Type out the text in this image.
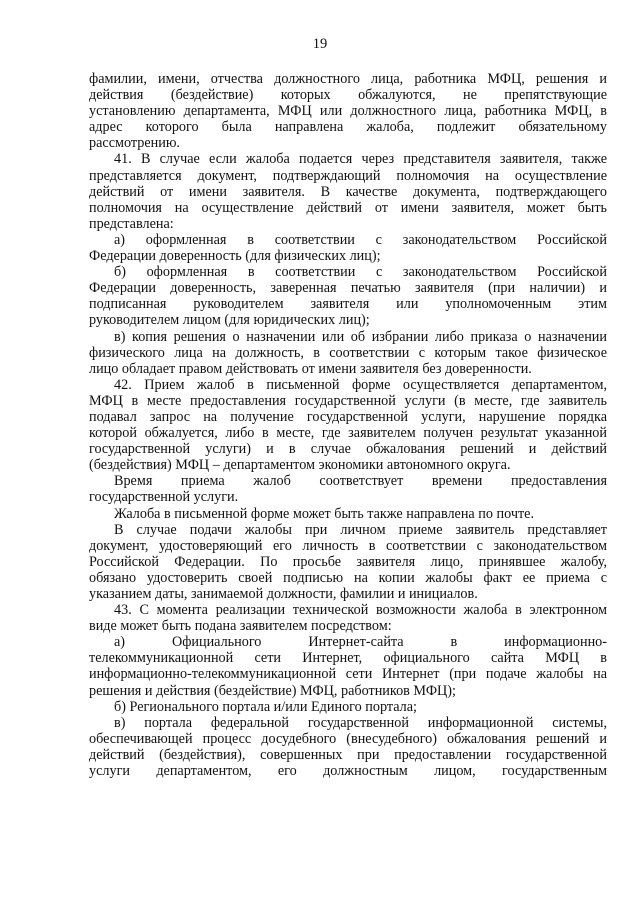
19
фамилии, имени, отчества должностного лица, работника МФЦ, решения и
действия (бездействие) которых обжалуются, не препятствующие
установлению департамента, МФЦ или должностного лица, работника МФЦ, в
адрес которого была направлена жалоба, подлежит обязательному
рассмотрению.
41. В случае если жалоба подается через представителя заявителя, также
представляется документ, подтверждающий полномочия на осуществление
действий от имени заявителя. В качестве документа, подтверждающего
полномочия на осуществление действий от имени заявителя, может быть
представлена:
а) оформленная в соответствии с законодательством Российской
Федерации доверенность (для физических лиц);
б) оформленная в соответствии с законодательством Российской
Федерации доверенность, заверенная печатью заявителя (при наличии) и
подписанная руководителем заявителя или уполномоченным этим
руководителем лицом (для юридических лиц);
в) копия решения о назначении или об избрании либо приказа о назначении
физического лица на должность, в соответствии с которым такое физическое
лицо обладает правом действовать от имени заявителя без доверенности.
42. Прием жалоб в письменной форме осуществляется департаментом,
МФЦ в месте предоставления государственной услуги (в месте, где заявитель
подавал запрос на получение государственной услуги, нарушение порядка
которой обжалуется, либо в месте, где заявителем получен результат указанной
государственной услуги) и в случае обжалования решений и действий
(бездействия) МФЦ – департаментом экономики автономного округа.
Время приема жалоб соответствует времени предоставления
государственной услуги.
Жалоба в письменной форме может быть также направлена по почте.
В случае подачи жалобы при личном приеме заявитель представляет
документ, удостоверяющий его личность в соответствии с законодательством
Российской Федерации. По просьбе заявителя лицо, принявшее жалобу,
обязано удостоверить своей подписью на копии жалобы факт ее приема с
указанием даты, занимаемой должности, фамилии и инициалов.
43. С момента реализации технической возможности жалоба в электронном
виде может быть подана заявителем посредством:
а) Официального Интернет-сайта в информационно-
телекоммуникационной сети Интернет, официального сайта МФЦ в
информационно-телекоммуникационной сети Интернет (при подаче жалобы на
решения и действия (бездействие) МФЦ, работников МФЦ);
б) Регионального портала и/или Единого портала;
в) портала федеральной государственной информационной системы,
обеспечивающей процесс досудебного (внесудебного) обжалования решений и
действий (бездействия), совершенных при предоставлении государственной
услуги департаментом, его должностным лицом, государственным
